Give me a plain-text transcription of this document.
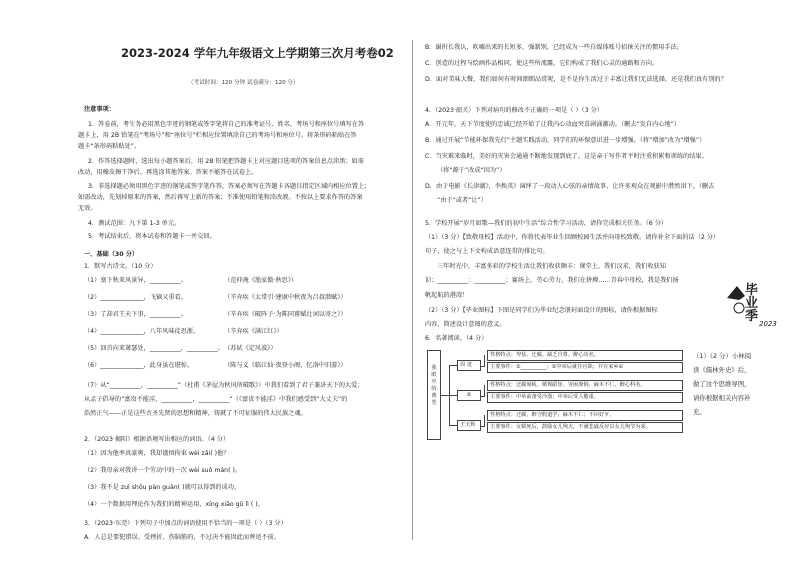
2023-2024 学年九年级语文上学期第三次月考卷02
（考试时间：120 分钟 试卷满分：120 分）
注意事项：
1．答卷前，考生务必用黑色字迹的钢笔或签字笔将自己的准考证号、姓名、考场号和座位号填写在答
题卡上，用 2B 铅笔在“考场号”和“座位号”栏相应位置填涂自己的考场号和座位号。将条形码粘贴在答
题卡“条形码粘贴处”。
2．作答选择题时，选出每小题答案后，用 2B 铅笔把答题卡上对应题目选项的答案信息点涂黑；如需
改动，用橡皮擦干净后，再选涂其他答案。答案不能答在试卷上。
3．非选择题必须用黑色字迹的钢笔或签字笔作答，答案必须写在答题卡各题目指定区域内相应位置上；
如需改动，先划掉原来的答案，然后再写上新的答案；不准使用铅笔和涂改液。不按以上要求作答的答案
无效。
4．测试范围：九下第 1-3 单元。
5．考试结束后，将本试卷和答题卡一并交回。
一、基础（30 分）
1．默写古诗文。（10 分）
（1）塞下秋来风景异，__________。	（范仲淹《渔家傲·秋思》）
（2）______________，飞镝又重看。	（辛弃疾《太常引·建康中秋夜为吕叔潜赋》）
（3）了却君王天下事，__________。	（辛弃疾《破阵子·为陈同甫赋壮词以寄之》）
（4）______________，八年风味徒思浙。	（辛弃疾《满江红》）
（5）回首向来萧瑟处，__________，__________。 （苏轼《定风波》）
（6）______________，此身虽在堪惊。	（陈与义《临江仙·夜登小阁，忆洛中旧游》）
（7）从“__________，__________”（杜甫《茅屋为秋风所破歌》）中我们看到了君子兼济天下的大爱；
从孟子倡导的“富贵不能淫，__________，__________”（《富贵不能淫》中我们感受到“大丈夫”的
浩然正气——正是这些古圣先贤的思想和精神，铸就了不可征服的伟大民族之魂。
2．（2023·揭阳）根据语境写出相应的词语。（4 分）
（1）因为他率真豪爽，我却谨慎拘束 wèi zǎi( )他？
（2）我母亲对我讲一个劳动中的一次 wèi suǒ mán( )。
（3）我不是 zuì shǒu pàn guān( )就可以得到的成功，
（4）一个数据用理论作为我们的精神运用，xíng xiāo gǔ lì ( )。
3．（2023·东莞）下列句子中加点的词语使用不恰当的一项是（ ）（3 分）
A．人总是要犯错误、受挫折、伤脑筋的，不过决不能因此而葬送不前。
B．谢班长我认，吹嘘出来的长短多，强制别，已经成为一些自媒体账号招徕关注的惯用手法。
C．创造的过程与绘画作品相同，使这些所流露，它们构成了我们心灵的通路和方向。
D．面对美味大餐，我们如何有时间细细品赏呢，是不是你生活过于丰富让我们无法选择，还是我们真有别的？
4．（2023·韶关）下列对病句的修改不正确的一项是（ ）（3 分）
A．开元年，天下节度使的忠诚已经开始了让我内心动血突喜剧涌激动。（删去“发自内心地”）
B．通过开展“节能环保我先行”主题实践活动，同学们的环保意识进一步增强。（将“增加”改为“增强”）
C．当灾难来临时，美好的灾害会通通不断地发现到底了，这是亲于写作者平时注重积累和训练的结果。
（将“源于”改成“因为”）
D．由于电影《长津湖》，李焕英》演绎了一段动人心弦的亲情故事，让许多观众在观影中潸然泪下。（删去
“由于”或者“让”）
5．学校开展“岁月如歌—我们的初中生活”综合性学习活动，请你完成相关任务。（6 分）
（1）（3 分）【致敬母校】活动中，你将代表毕业生回顾校园生活并向母校致敬。请你补全下面的话（2 分）
句子，使之与上下文构成语意连贯的排比句。
三年时光中，丰富多彩的学校生活让我们收获颇丰：课堂上，我们汉求，我们收获知
识；__________：__________；赛场上，劳心劳力，我们在拼搏……青春中母校，我是我们扬
帆起航的港湾！
（2）（3 分）【毕业图标】下图是同学们为毕业纪念册封面设计的图标，请你根据图标
内容，简述设计意图的意义。
毕业季 2023
6．名著阅读。（4 分）
我眼中的典型
周 进
②
王玉辉
性格特点：卑怯、迂腐、缺乏自尊、醉心功名。
主要事件：①__________；②中举后就任官职；并在家乡①
性格特点：迂腐刻板、循规蹈矩、穷困潦倒、麻木不仁、醉心科名。
主要事件：中举前备受冷落；中举后受人敬重。
性格特点：迂腐、醉守假道学；麻木不仁；不识好歹。
主要事件：女婿死后，鼓励女儿殉夫，不满悲戚反应以女儿殉节为荣。
（1）（2 分）小林阅
读《儒林外史》后，
做了这个思维导图，
请你根据相关内容补
充。
